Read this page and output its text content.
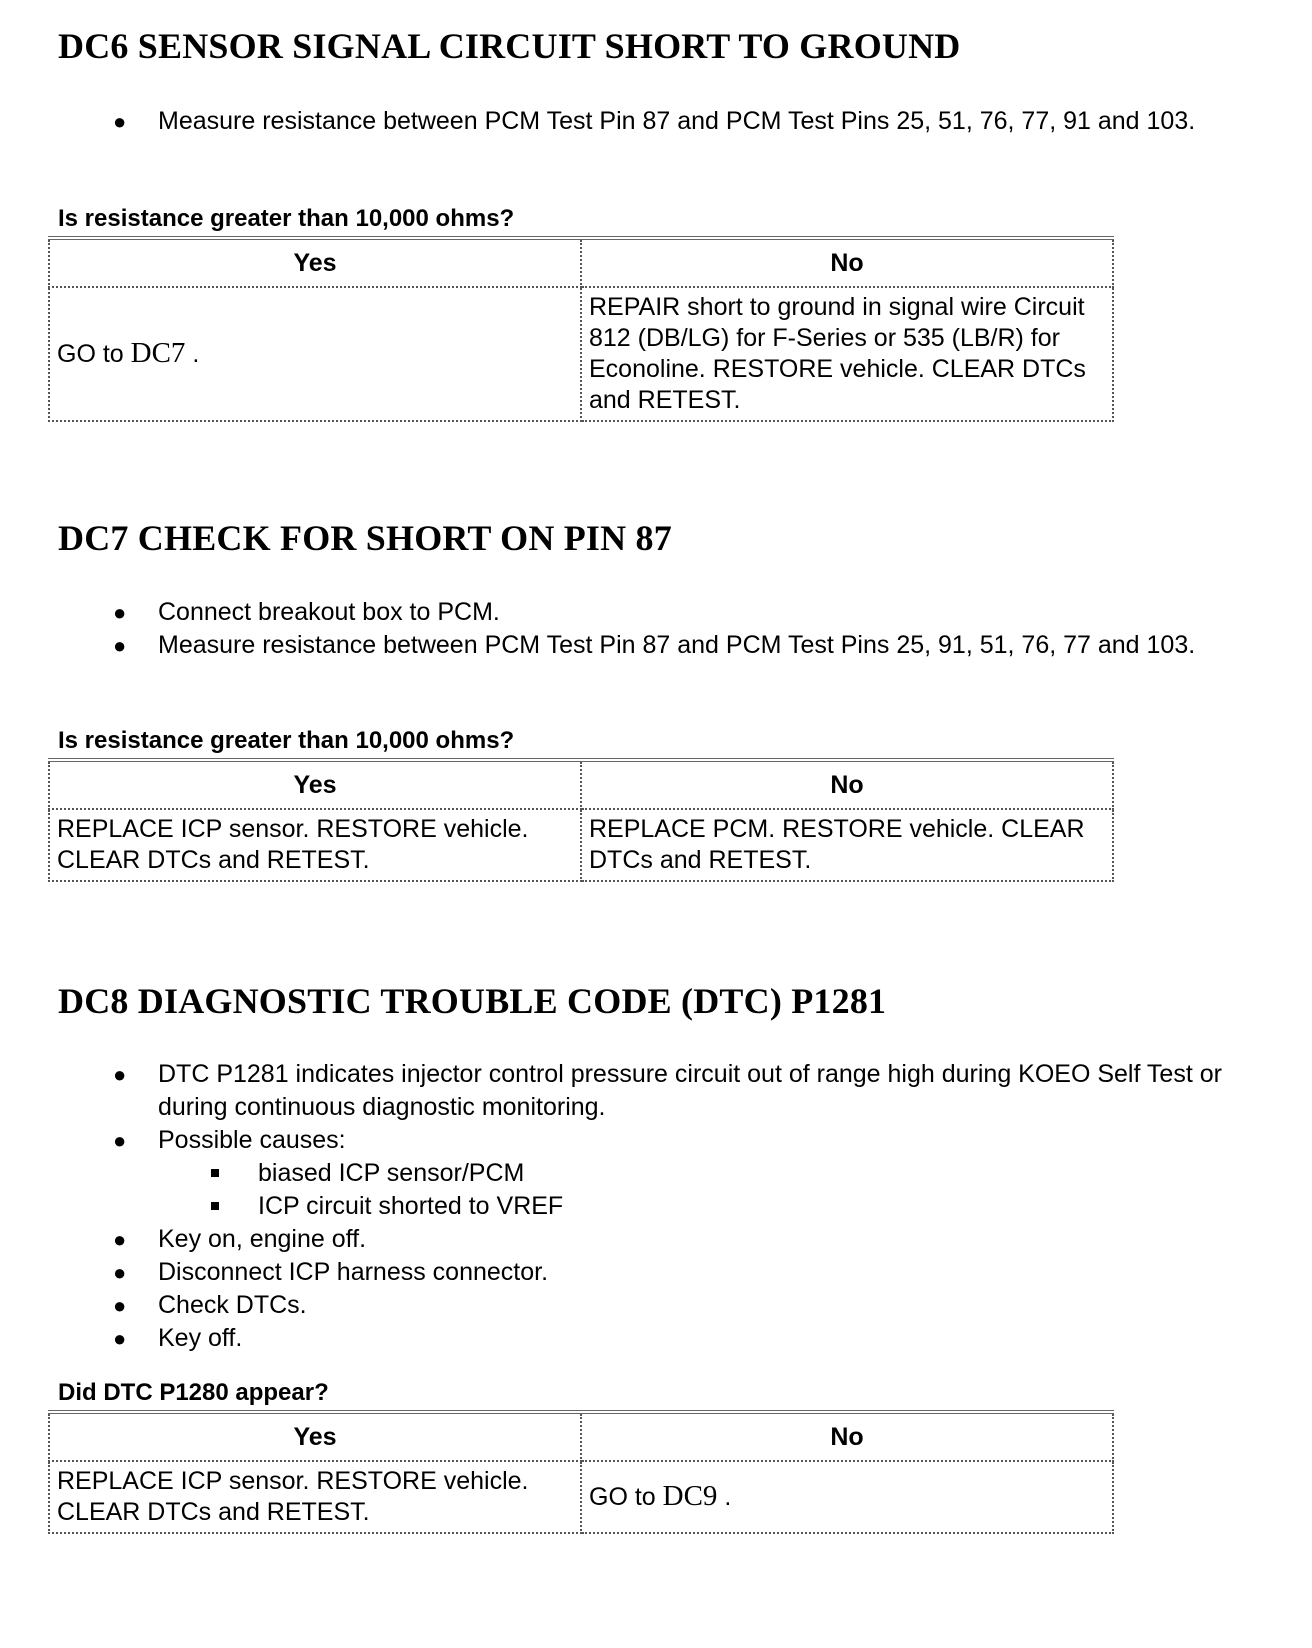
DC6 SENSOR SIGNAL CIRCUIT SHORT TO GROUND
● Measure resistance between PCM Test Pin 87 and PCM Test Pins 25, 51, 76, 77, 91 and 103.

Is resistance greater than 10,000 ohms?

Yes	No
GO to DC7 .	REPAIR short to ground in signal wire Circuit 812 (DB/LG) for F-Series or 535 (LB/R) for Econoline. RESTORE vehicle. CLEAR DTCs and RETEST.
DC7 CHECK FOR SHORT ON PIN 87
● Connect breakout box to PCM.
● Measure resistance between PCM Test Pin 87 and PCM Test Pins 25, 91, 51, 76, 77 and 103.

Is resistance greater than 10,000 ohms?

Yes	No
REPLACE ICP sensor. RESTORE vehicle. CLEAR DTCs and RETEST.	REPLACE PCM. RESTORE vehicle. CLEAR DTCs and RETEST.
DC8 DIAGNOSTIC TROUBLE CODE (DTC) P1281
● DTC P1281 indicates injector control pressure circuit out of range high during KOEO Self Test or during continuous diagnostic monitoring.
● Possible causes:
biased ICP sensor/PCM
ICP circuit shorted to VREF
● Key on, engine off.
● Disconnect ICP harness connector.
● Check DTCs.
● Key off.

Did DTC P1280 appear?

Yes	No
REPLACE ICP sensor. RESTORE vehicle. CLEAR DTCs and RETEST.	GO to DC9 .
